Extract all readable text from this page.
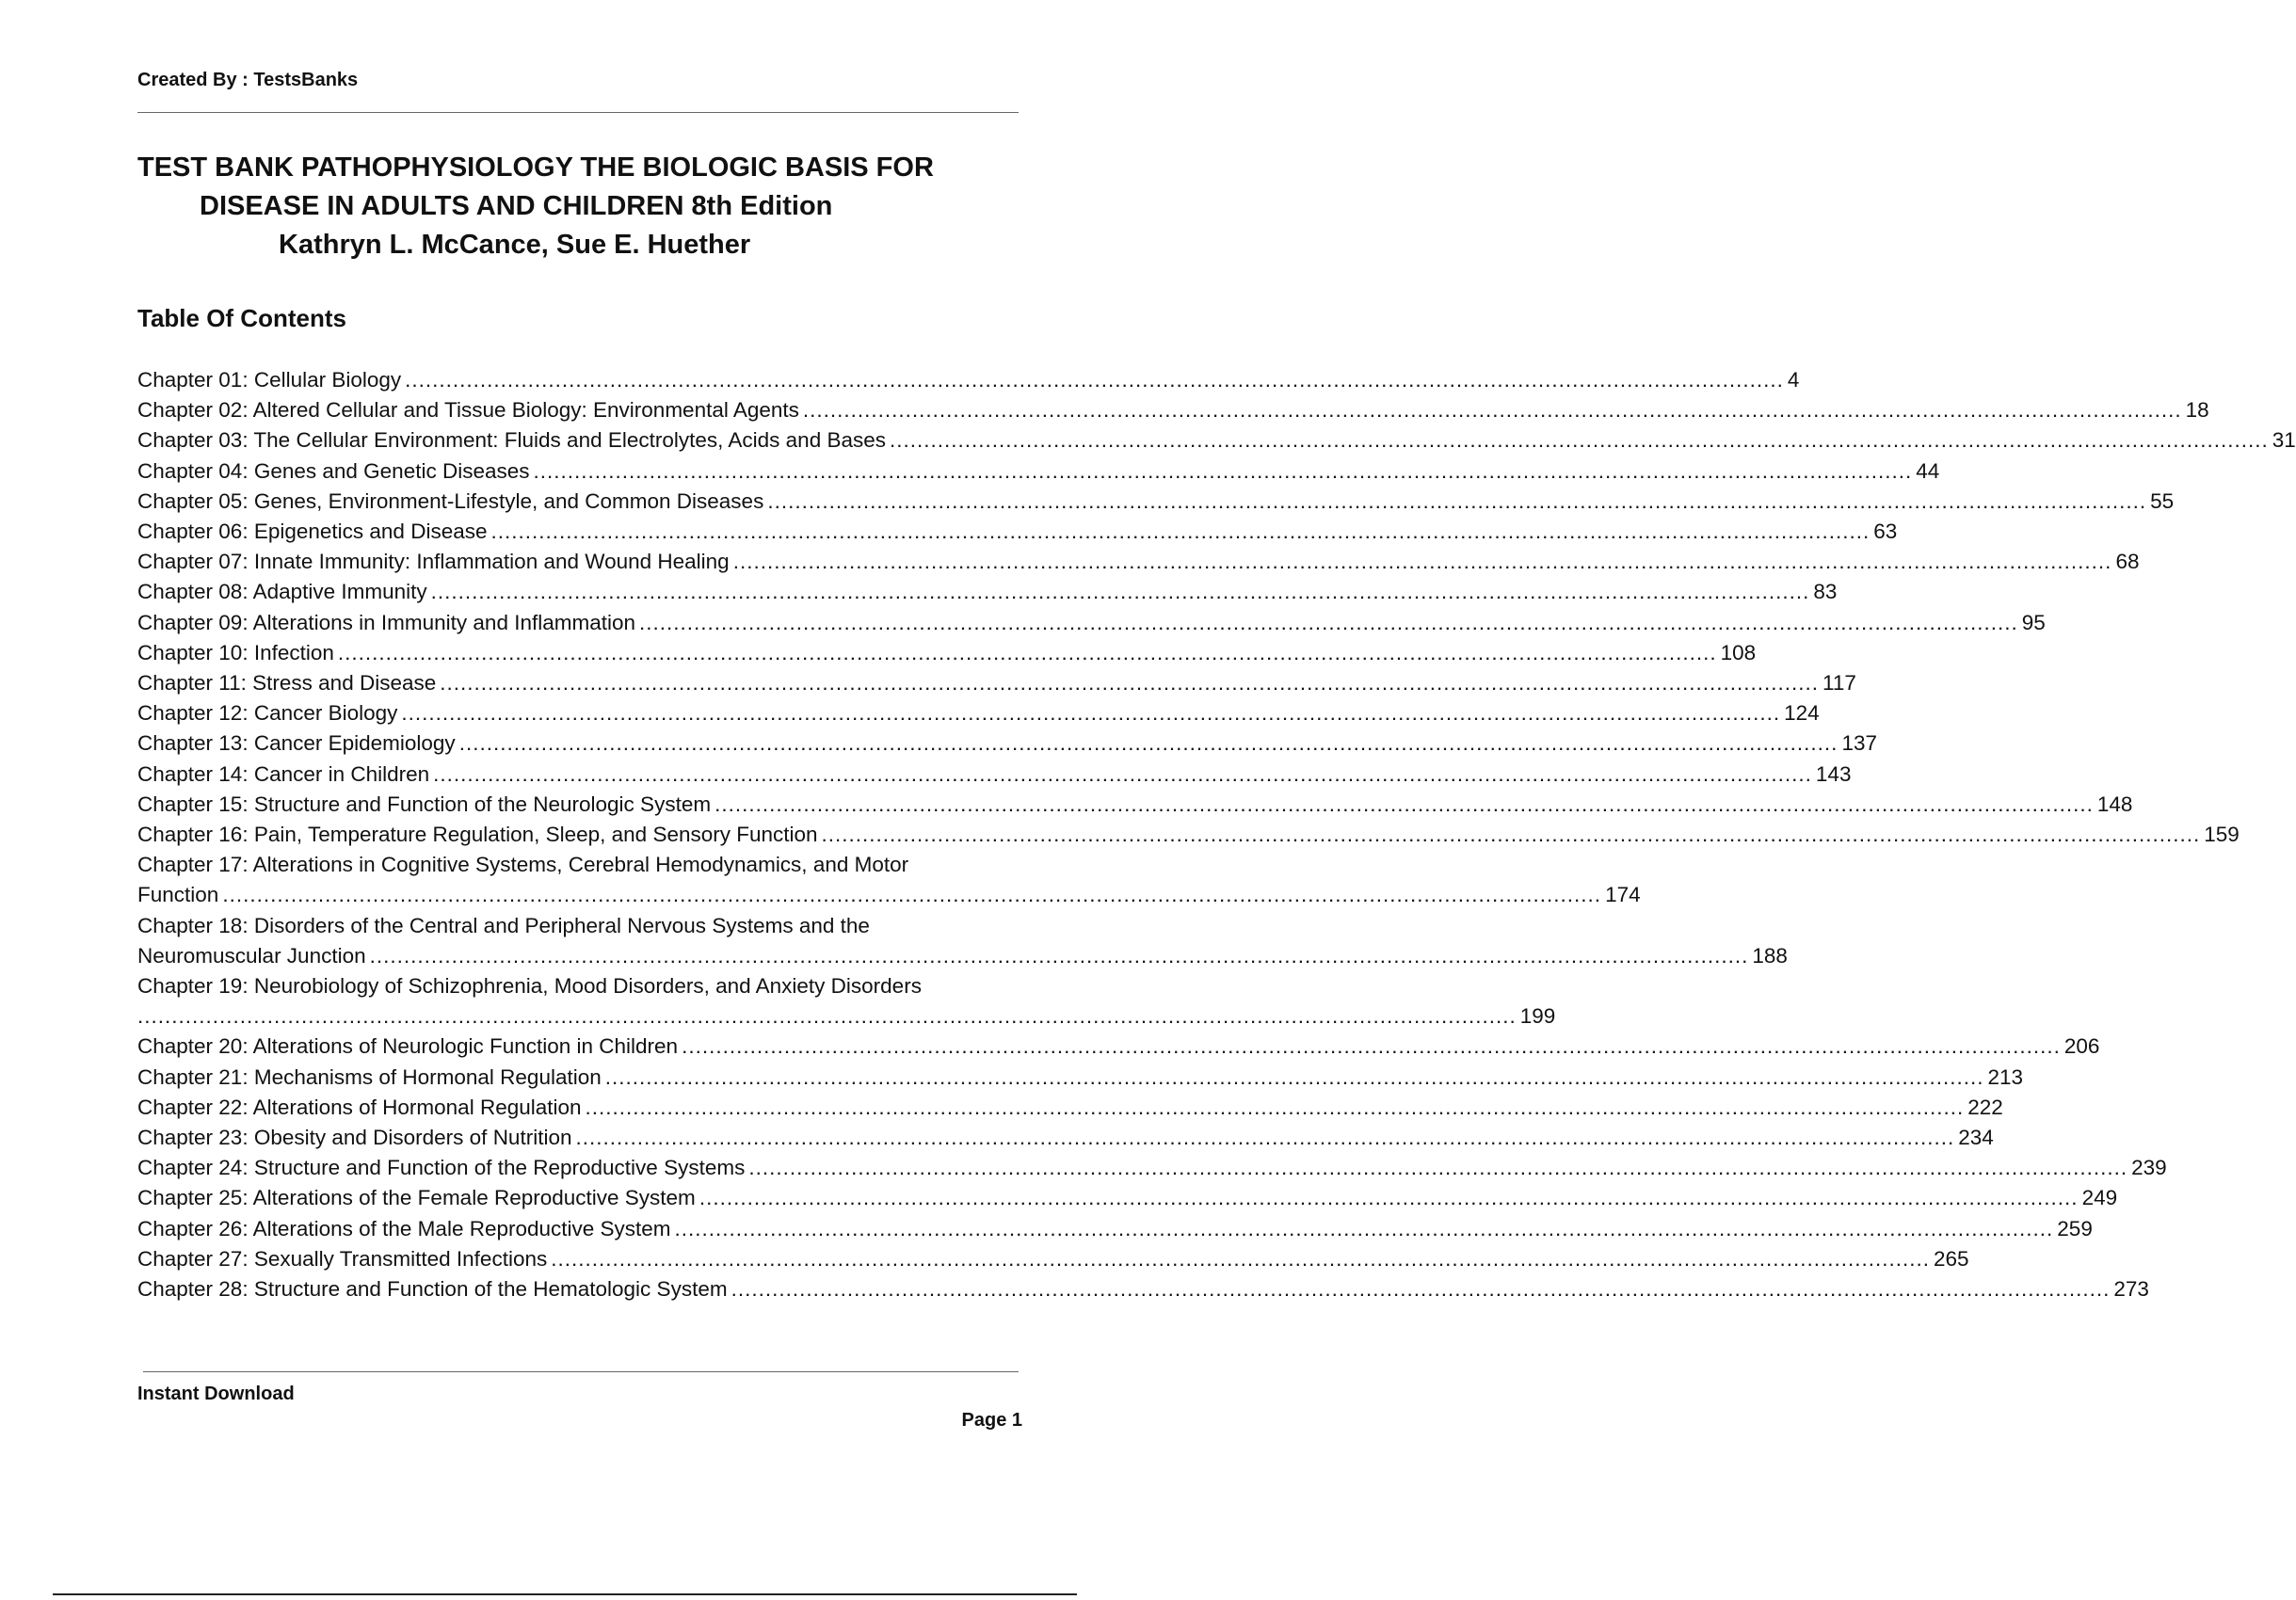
Created By : TestsBanks
TEST BANK PATHOPHYSIOLOGY THE BIOLOGIC BASIS FOR
DISEASE IN ADULTS AND CHILDREN 8th Edition
Kathryn L. McCance, Sue E. Huether
Table Of Contents
Chapter 01: Cellular Biology .......................................................................................................................................................................................................... 4
Chapter 02: Altered Cellular and Tissue Biology: Environmental Agents .......................................................................................................................................................................................................... 18
Chapter 03: The Cellular Environment: Fluids and Electrolytes, Acids and Bases .......................................................................................................................................................................................................... 31
Chapter 04: Genes and Genetic Diseases .......................................................................................................................................................................................................... 44
Chapter 05: Genes, Environment-Lifestyle, and Common Diseases .......................................................................................................................................................................................................... 55
Chapter 06: Epigenetics and Disease .......................................................................................................................................................................................................... 63
Chapter 07: Innate Immunity: Inflammation and Wound Healing .......................................................................................................................................................................................................... 68
Chapter 08: Adaptive Immunity .......................................................................................................................................................................................................... 83
Chapter 09: Alterations in Immunity and Inflammation .......................................................................................................................................................................................................... 95
Chapter 10: Infection .......................................................................................................................................................................................................... 108
Chapter 11: Stress and Disease .......................................................................................................................................................................................................... 117
Chapter 12: Cancer Biology .......................................................................................................................................................................................................... 124
Chapter 13: Cancer Epidemiology .......................................................................................................................................................................................................... 137
Chapter 14: Cancer in Children .......................................................................................................................................................................................................... 143
Chapter 15: Structure and Function of the Neurologic System .......................................................................................................................................................................................................... 148
Chapter 16: Pain, Temperature Regulation, Sleep, and Sensory Function .......................................................................................................................................................................................................... 159
Chapter 17: Alterations in Cognitive Systems, Cerebral Hemodynamics, and Motor
Function .......................................................................................................................................................................................................... 174
Chapter 18: Disorders of the Central and Peripheral Nervous Systems and the
Neuromuscular Junction .......................................................................................................................................................................................................... 188
Chapter 19: Neurobiology of Schizophrenia, Mood Disorders, and Anxiety Disorders
.......................................................................................................................................................................................................... 199
Chapter 20: Alterations of Neurologic Function in Children .......................................................................................................................................................................................................... 206
Chapter 21: Mechanisms of Hormonal Regulation .......................................................................................................................................................................................................... 213
Chapter 22: Alterations of Hormonal Regulation .......................................................................................................................................................................................................... 222
Chapter 23: Obesity and Disorders of Nutrition .......................................................................................................................................................................................................... 234
Chapter 24: Structure and Function of the Reproductive Systems .......................................................................................................................................................................................................... 239
Chapter 25: Alterations of the Female Reproductive System .......................................................................................................................................................................................................... 249
Chapter 26: Alterations of the Male Reproductive System .......................................................................................................................................................................................................... 259
Chapter 27: Sexually Transmitted Infections .......................................................................................................................................................................................................... 265
Chapter 28: Structure and Function of the Hematologic System .......................................................................................................................................................................................................... 273
Instant Download
Page 1
